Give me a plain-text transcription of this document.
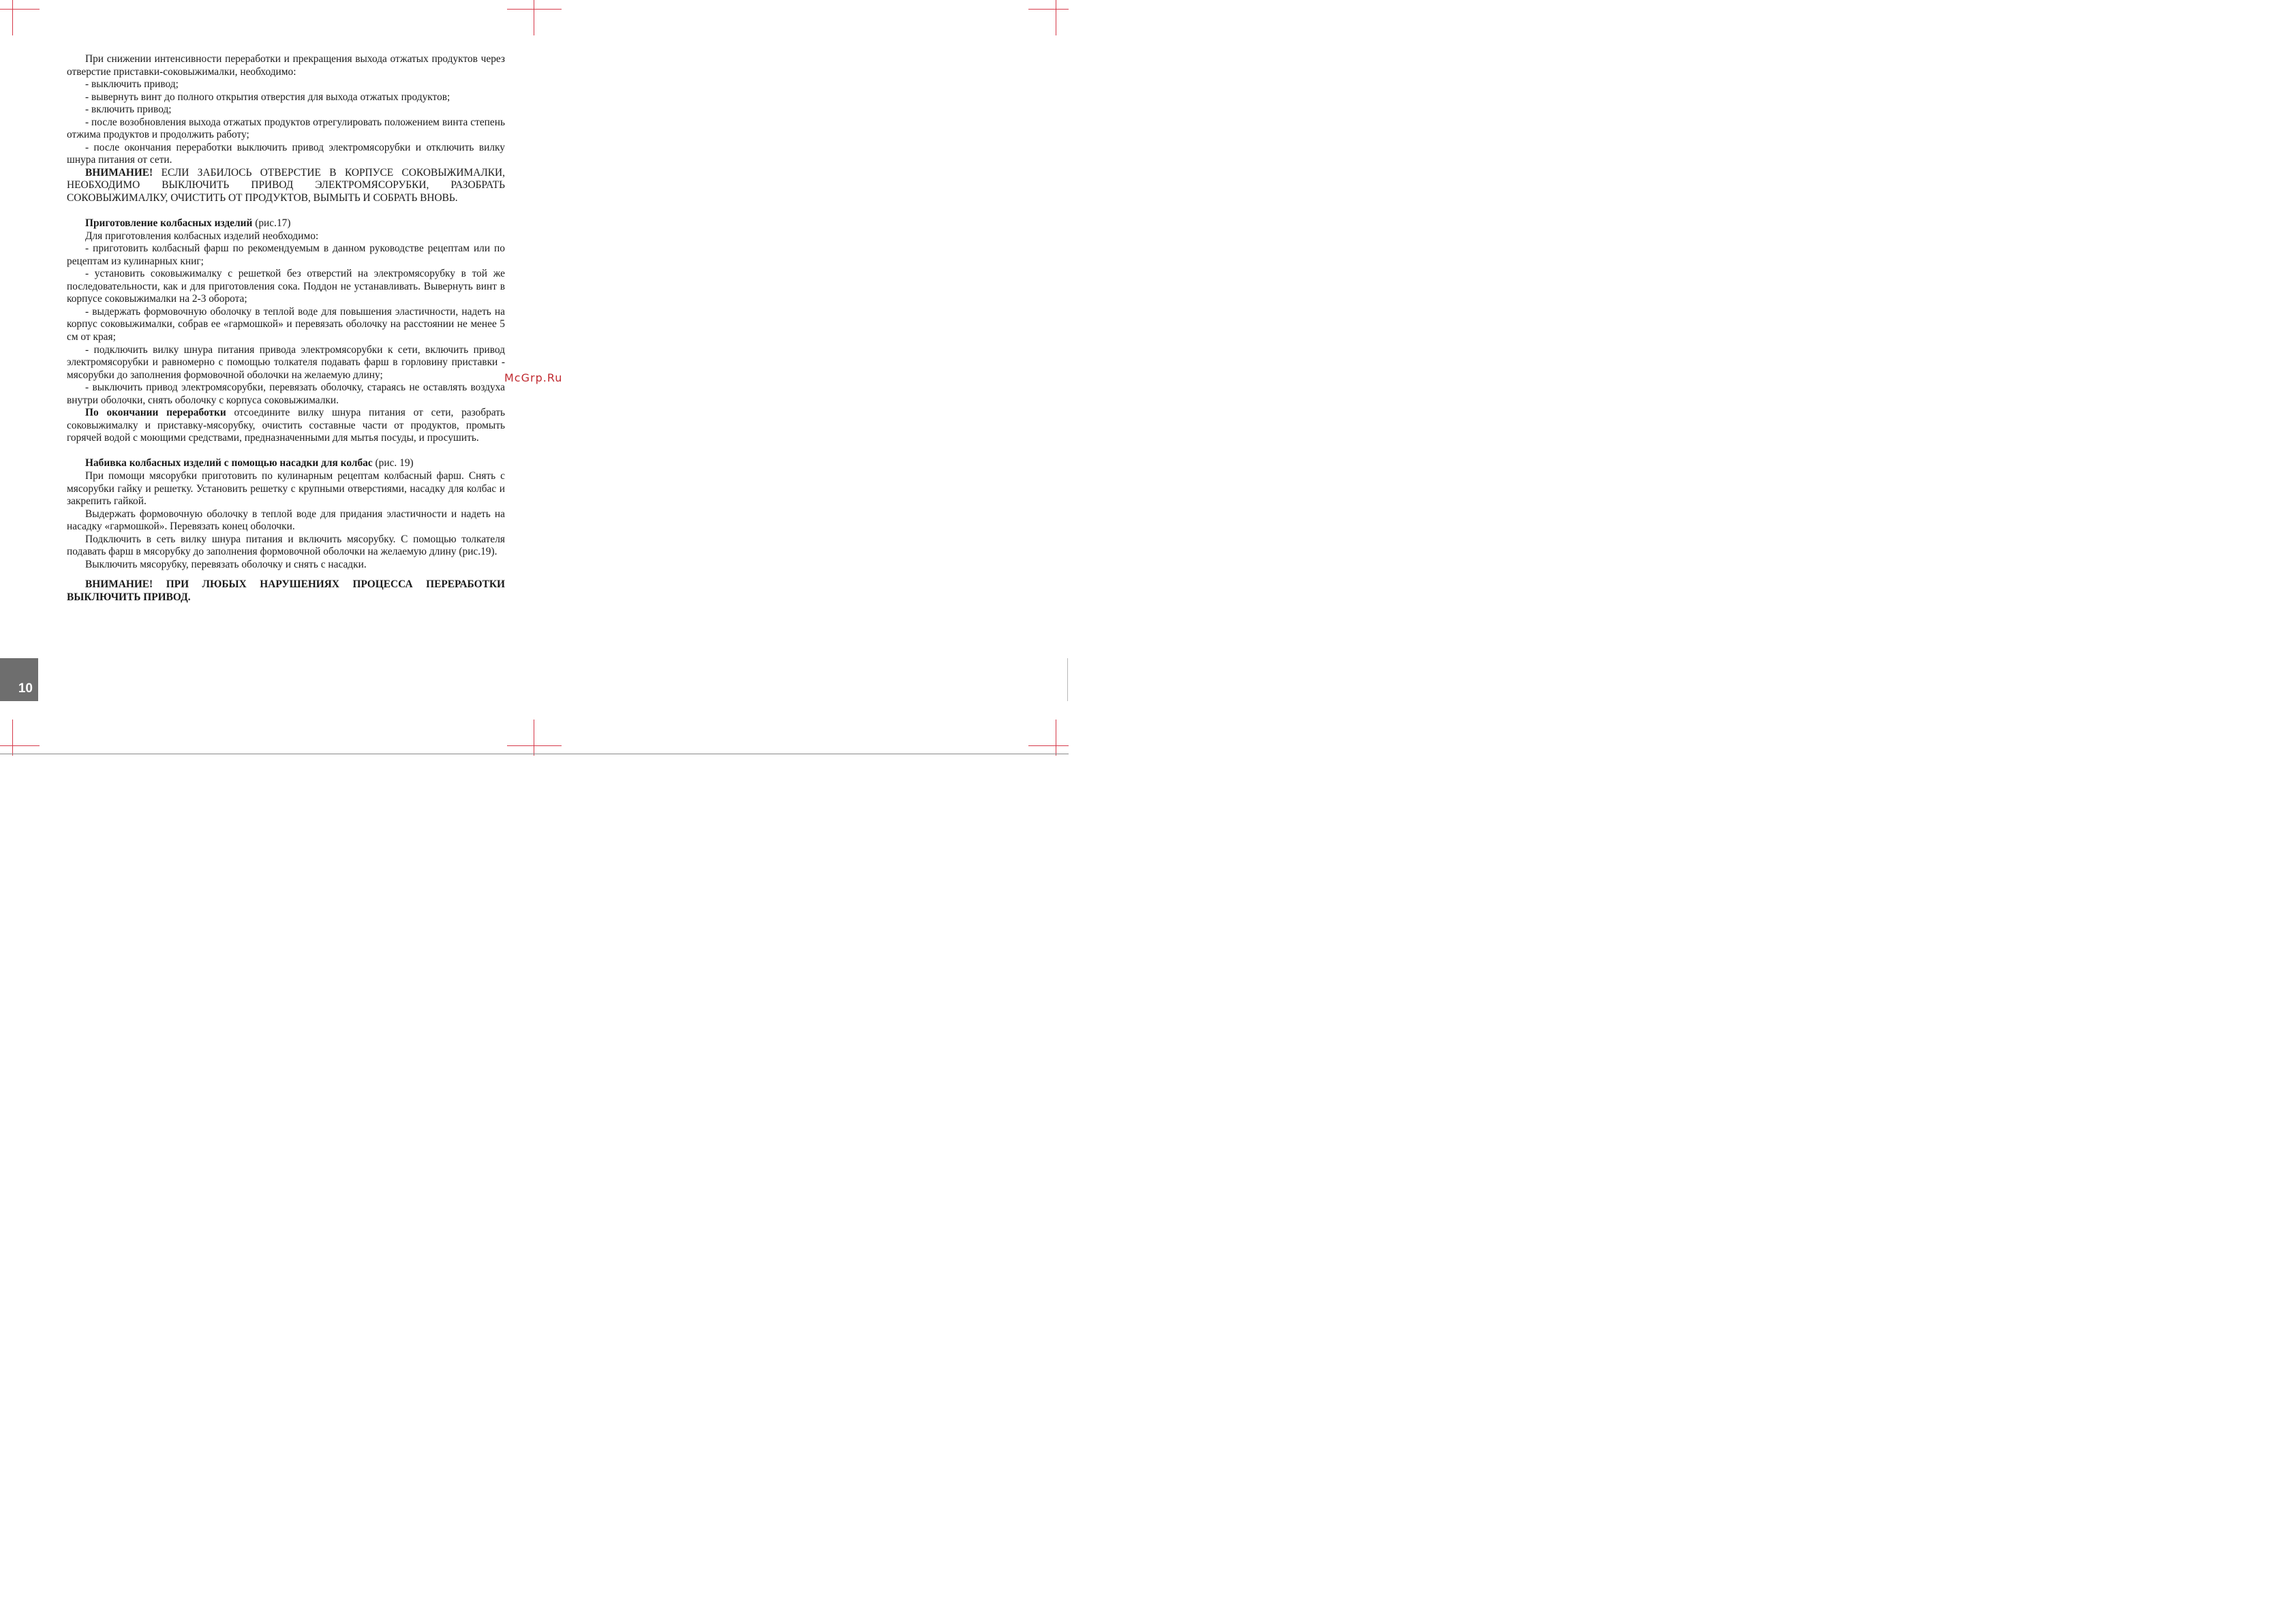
При снижении интенсивности переработки и прекращения выхода отжатых продуктов через отверстие приставки-соковыжималки, необходимо:

- выключить привод;

- вывернуть винт до полного открытия отверстия для выхода отжатых продуктов;

- включить привод;

- после возобновления выхода отжатых продуктов отрегулировать положением винта степень отжима продуктов и продолжить работу;

- после окончания переработки выключить привод электромясорубки и отключить вилку шнура питания от сети.

ВНИМАНИЕ! ЕСЛИ ЗАБИЛОСЬ ОТВЕРСТИЕ В КОРПУСЕ СОКОВЫЖИМАЛКИ, НЕОБХОДИМО ВЫКЛЮЧИТЬ ПРИВОД ЭЛЕКТРОМЯСОРУБКИ, РАЗОБРАТЬ СОКОВЫЖИМАЛКУ, ОЧИСТИТЬ ОТ ПРОДУКТОВ, ВЫМЫТЬ И СОБРАТЬ ВНОВЬ.

Приготовление колбасных изделий (рис.17)

Для приготовления колбасных изделий необходимо:

- приготовить колбасный фарш по рекомендуемым в данном руководстве рецептам или по рецептам из кулинарных книг;

- установить соковыжималку с решеткой без отверстий на электромясорубку в той же последовательности, как и для приготовления сока. Поддон не устанавливать. Вывернуть винт в корпусе соковыжималки на 2-3 оборота;

- выдержать формовочную оболочку в теплой воде для повышения эластичности, надеть на корпус соковыжималки, собрав ее «гармошкой» и перевязать оболочку на расстоянии не менее 5 см от края;

- подключить вилку шнура питания привода электромясорубки к сети, включить привод электромясорубки и равномерно с помощью толкателя подавать фарш в горловину приставки - мясорубки до заполнения формовочной оболочки на желаемую длину;

- выключить привод электромясорубки, перевязать оболочку, стараясь не оставлять воздуха внутри оболочки, снять оболочку с корпуса соковыжималки.

По окончании переработки отсоедините вилку шнура питания от сети, разобрать соковыжималку и приставку-мясорубку, очистить составные части от продуктов, промыть горячей водой с моющими средствами, предназначенными для мытья посуды, и просушить.

Набивка колбасных изделий с помощью насадки для колбас (рис. 19)

При помощи мясорубки приготовить по кулинарным рецептам колбасный фарш. Снять с мясорубки гайку и решетку. Установить решетку с крупными отверстиями, насадку для колбас и закрепить гайкой.

Выдержать формовочную оболочку в теплой воде для придания эластичности и надеть на насадку «гармошкой». Перевязать конец оболочки.

Подключить в сеть вилку шнура питания и включить мясорубку. С помощью толкателя подавать фарш в мясорубку до заполнения формовочной оболочки на желаемую длину (рис.19).

Выключить мясорубку, перевязать оболочку и снять с насадки.

ВНИМАНИЕ! ПРИ ЛЮБЫХ НАРУШЕНИЯХ ПРОЦЕССА ПЕРЕРАБОТКИ ВЫКЛЮЧИТЬ ПРИВОД.

McGrp.Ru
10
